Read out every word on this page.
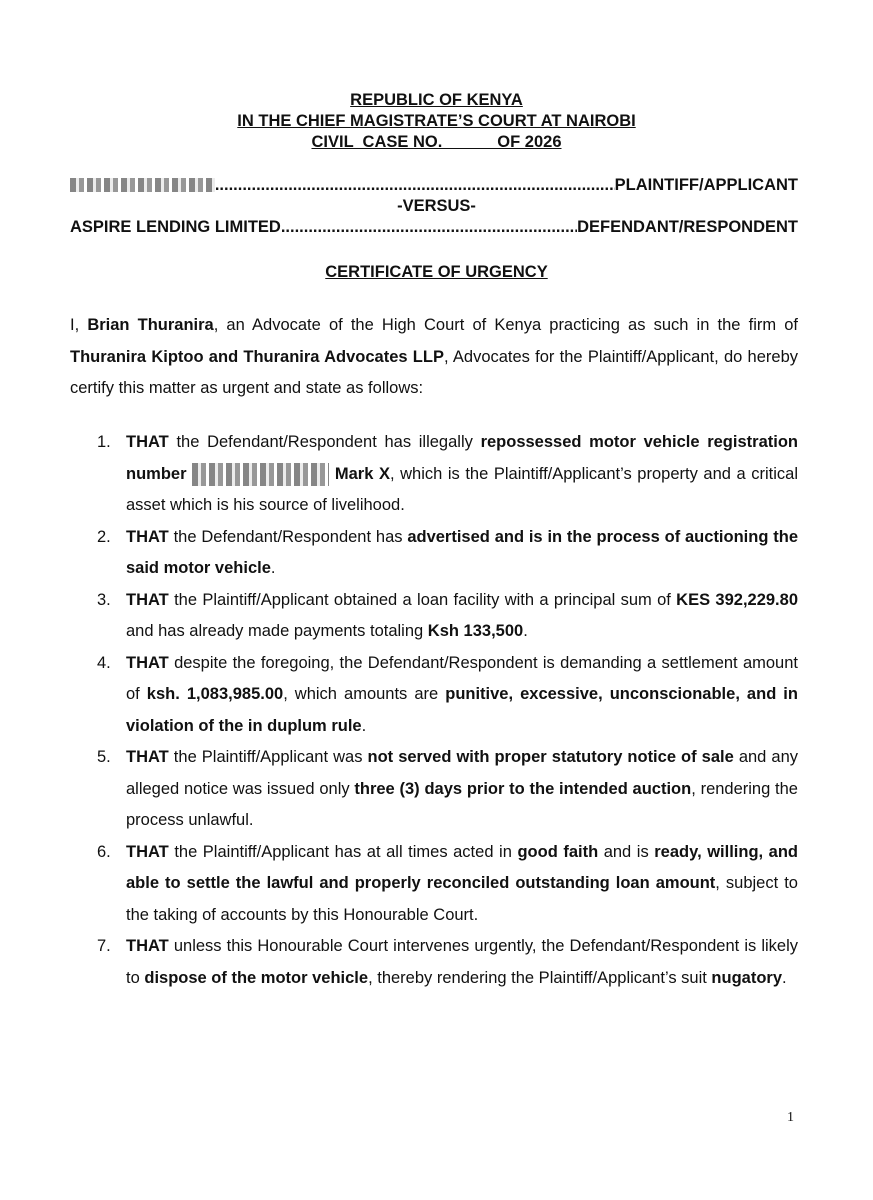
REPUBLIC OF KENYA
IN THE CHIEF MAGISTRATE’S COURT AT NAIROBI
CIVIL  CASE NO.            OF 2026
.....
PLAINTIFF/APPLICANT
-VERSUS-
ASPIRE LENDING LIMITED
.....	DEFENDANT/RESPONDENT
CERTIFICATE OF URGENCY
I, Brian Thuranira, an Advocate of the High Court of Kenya practicing as such in the firm of Thuranira Kiptoo and Thuranira Advocates LLP, Advocates for the Plaintiff/Applicant, do hereby certify this matter as urgent and state as follows:
1. THAT the Defendant/Respondent has illegally repossessed motor vehicle registration number	Mark X, which is the Plaintiff/Applicant’s property and a critical asset which is his source of livelihood.
2. THAT the Defendant/Respondent has advertised and is in the process of auctioning the said motor vehicle.
3. THAT the Plaintiff/Applicant obtained a loan facility with a principal sum of KES 392,229.80 and has already made payments totaling Ksh 133,500.
4. THAT despite the foregoing, the Defendant/Respondent is demanding a settlement amount of ksh. 1,083,985.00, which amounts are punitive, excessive, unconscionable, and in violation of the in duplum rule.
5. THAT the Plaintiff/Applicant was not served with proper statutory notice of sale and any alleged notice was issued only three (3) days prior to the intended auction, rendering the process unlawful.
6. THAT the Plaintiff/Applicant has at all times acted in good faith and is ready, willing, and able to settle the lawful and properly reconciled outstanding loan amount, subject to the taking of accounts by this Honourable Court.
7. THAT unless this Honourable Court intervenes urgently, the Defendant/Respondent is likely to dispose of the motor vehicle, thereby rendering the Plaintiff/Applicant’s suit nugatory.
1
